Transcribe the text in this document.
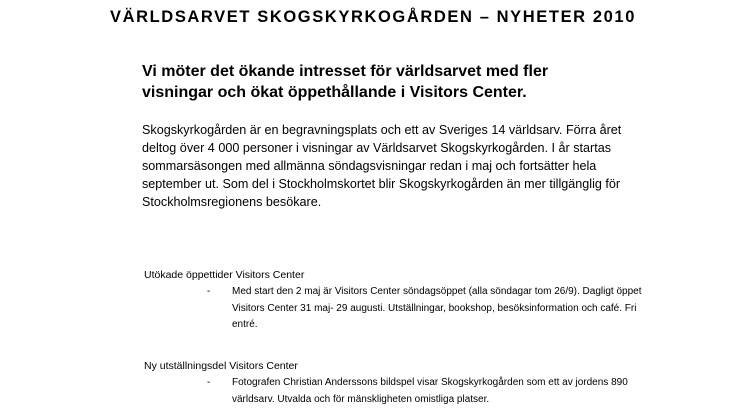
VÄRLDSARVET SKOGSKYRKOGÅRDEN – NYHETER 2010

Vi möter det ökande intresset för världsarvet med fler visningar och ökat öppethållande i Visitors Center.

Skogskyrkogården är en begravningsplats och ett av Sveriges 14 världsarv. Förra året deltog över 4 000 personer i visningar av Världsarvet Skogskyrkogården. I år startas sommarsäsongen med allmänna söndagsvisningar redan i maj och fortsätter hela september ut. Som del i Stockholmskortet blir Skogskyrkogården än mer tillgänglig för Stockholmsregionens besökare.

Utökade öppettider Visitors Center

- Med start den 2 maj är Visitors Center söndagsöppet (alla söndagar tom 26/9). Dagligt öppet Visitors Center 31 maj- 29 augusti. Utställningar, bookshop, besöksinformation och café. Fri entré.

Ny utställningsdel Visitors Center

- Fotografen Christian Anderssons bildspel visar Skogskyrkogården som ett av jordens 890 världsarv. Utvalda och för mänskligheten omistliga platser.
